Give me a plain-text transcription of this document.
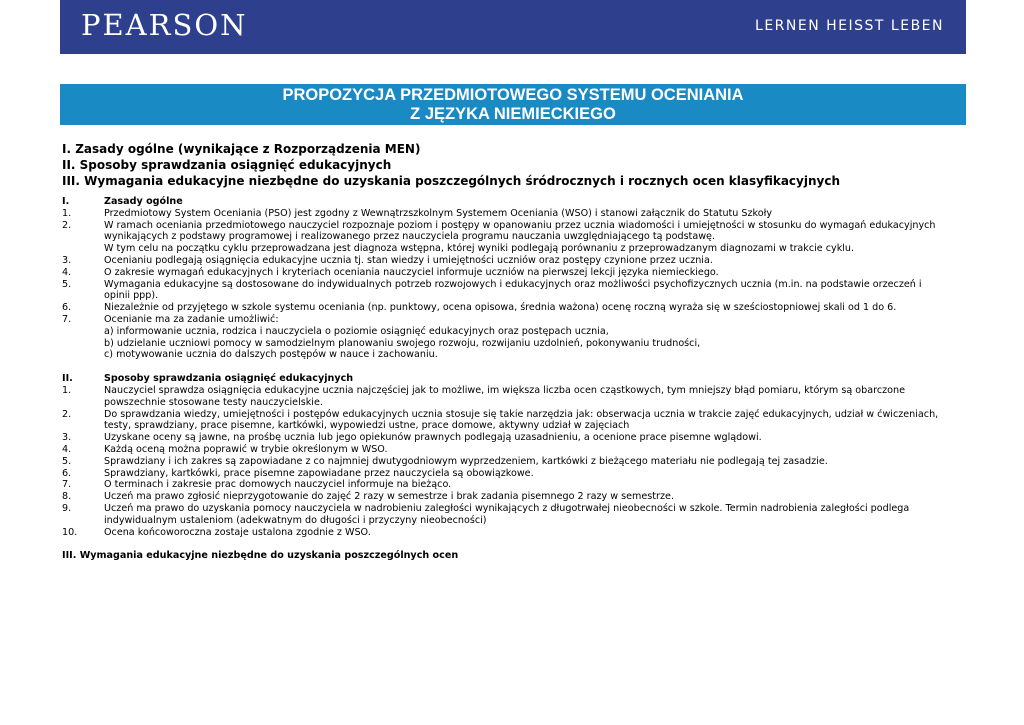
PEARSON	LERNEN HEISST LEBEN
PROPOZYCJA PRZEDMIOTOWEGO SYSTEMU OCENIANIA
Z JĘZYKA NIEMIECKIEGO
I. Zasady ogólne (wynikające z Rozporządzenia MEN)
II. Sposoby sprawdzania osiągnięć edukacyjnych
III. Wymagania edukacyjne niezbędne do uzyskania poszczególnych śródrocznych i rocznych ocen klasyfikacyjnych
I.	Zasady ogólne
1.	Przedmiotowy System Oceniania (PSO) jest zgodny z Wewnątrzszkolnym Systemem Oceniania (WSO) i stanowi załącznik do Statutu Szkoły
2.	W ramach oceniania przedmiotowego nauczyciel rozpoznaje poziom i postępy w opanowaniu przez ucznia wiadomości i umiejętności w stosunku do wymagań edukacyjnych
wynikających z podstawy programowej i realizowanego przez nauczyciela programu nauczania uwzględniającego tą podstawę.
W tym celu na początku cyklu przeprowadzana jest diagnoza wstępna, której wyniki podlegają porównaniu z przeprowadzanym diagnozami w trakcie cyklu.
3.	Ocenianiu podlegają osiągnięcia edukacyjne ucznia tj. stan wiedzy i umiejętności uczniów oraz postępy czynione przez ucznia.
4.	O zakresie wymagań edukacyjnych i kryteriach oceniania nauczyciel informuje uczniów na pierwszej lekcji języka niemieckiego.
5.	Wymagania edukacyjne są dostosowane do indywidualnych potrzeb rozwojowych i edukacyjnych oraz możliwości psychofizycznych ucznia (m.in. na podstawie orzeczeń i
opinii ppp).
6.	Niezależnie od przyjętego w szkole systemu oceniania (np. punktowy, ocena opisowa, średnia ważona) ocenę roczną wyraża się w sześciostopniowej skali od 1 do 6.
7.	Ocenianie ma za zadanie umożliwić:
a) informowanie ucznia, rodzica i nauczyciela o poziomie osiągnięć edukacyjnych oraz postępach ucznia,
b) udzielanie uczniowi pomocy w samodzielnym planowaniu swojego rozwoju, rozwijaniu uzdolnień, pokonywaniu trudności,
c) motywowanie ucznia do dalszych postępów w nauce i zachowaniu.
II.	Sposoby sprawdzania osiągnięć edukacyjnych
1.	Nauczyciel sprawdza osiągnięcia edukacyjne ucznia najczęściej jak to możliwe, im większa liczba ocen cząstkowych, tym mniejszy błąd pomiaru, którym są obarczone
powszechnie stosowane testy nauczycielskie.
2.	Do sprawdzania wiedzy, umiejętności i postępów edukacyjnych ucznia stosuje się takie narzędzia jak: obserwacja ucznia w trakcie zajęć edukacyjnych, udział w ćwiczeniach,
testy, sprawdziany, prace pisemne, kartkówki, wypowiedzi ustne, prace domowe, aktywny udział w zajęciach
3.	Uzyskane oceny są jawne, na prośbę ucznia lub jego opiekunów prawnych podlegają uzasadnieniu, a ocenione prace pisemne wglądowi.
4.	Każdą oceną można poprawić w trybie określonym w WSO.
5.	Sprawdziany i ich zakres są zapowiadane z co najmniej dwutygodniowym wyprzedzeniem, kartkówki z bieżącego materiału nie podlegają tej zasadzie.
6.	Sprawdziany, kartkówki, prace pisemne zapowiadane przez nauczyciela są obowiązkowe.
7.	O terminach i zakresie prac domowych nauczyciel informuje na bieżąco.
8.	Uczeń ma prawo zgłosić nieprzygotowanie do zajęć 2 razy w semestrze i brak zadania pisemnego 2 razy w semestrze.
9.	Uczeń ma prawo do uzyskania pomocy nauczyciela w nadrobieniu zaległości wynikających z długotrwałej nieobecności w szkole. Termin nadrobienia zaległości podlega
indywidualnym ustaleniom (adekwatnym do długości i przyczyny nieobecności)
10.	Ocena końcoworoczna zostaje ustalona zgodnie z WSO.
III. Wymagania edukacyjne niezbędne do uzyskania poszczególnych ocen
